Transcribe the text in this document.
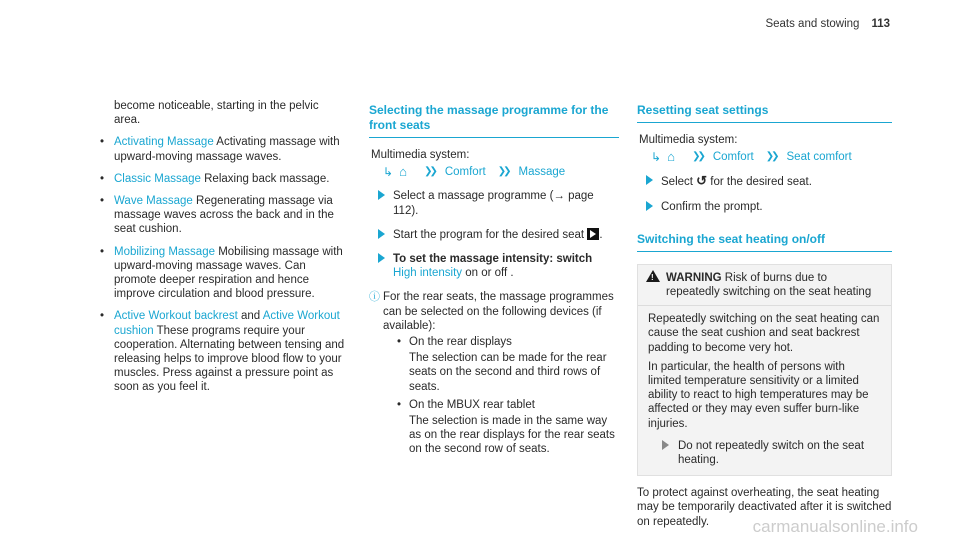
Seats and stowing 113

become noticeable, starting in the pelvic area.

• Activating Massage Activating massage with upward-moving massage waves.
• Classic Massage Relaxing back massage.
• Wave Massage Regenerating massage via massage waves across the back and in the seat cushion.
• Mobilizing Massage Mobilising massage with upward-moving massage waves. Can promote deeper respiration and hence improve circulation and blood pressure.
• Active Workout backrest and Active Workout cushion These programs require your cooperation. Alternating between tensing and releasing helps to improve blood flow to your muscles. Press against a pressure point as soon as you feel it.
Selecting the massage programme for the front seats
Multimedia system:
↳ ⌂	❯❯ Comfort ❯❯ Massage
Select a massage programme (→ page 112).
Start the program for the desired seat .
To set the massage intensity: switch High intensity on or off .
ⓘ For the rear seats, the massage programmes can be selected on the following devices (if available):
• On the rear displays
The selection can be made for the rear seats on the second and third rows of seats.
• On the MBUX rear tablet
The selection is made in the same way as on the rear displays for the rear seats on the second row of seats.
Resetting seat settings
Multimedia system:
↳ ⌂	❯❯ Comfort ❯❯ Seat comfort
Select ↺ for the desired seat.
Confirm the prompt.
Switching the seat heating on/off
!
WARNING Risk of burns due to repeatedly switching on the seat heating
Repeatedly switching on the seat heating can cause the seat cushion and seat backrest padding to become very hot.
In particular, the health of persons with limited temperature sensitivity or a limited ability to react to high temperatures may be affected or they may even suffer burn-like injuries.
Do not repeatedly switch on the seat heating.
To protect against overheating, the seat heating may be temporarily deactivated after it is switched on repeatedly.	carmanualsonline.info
